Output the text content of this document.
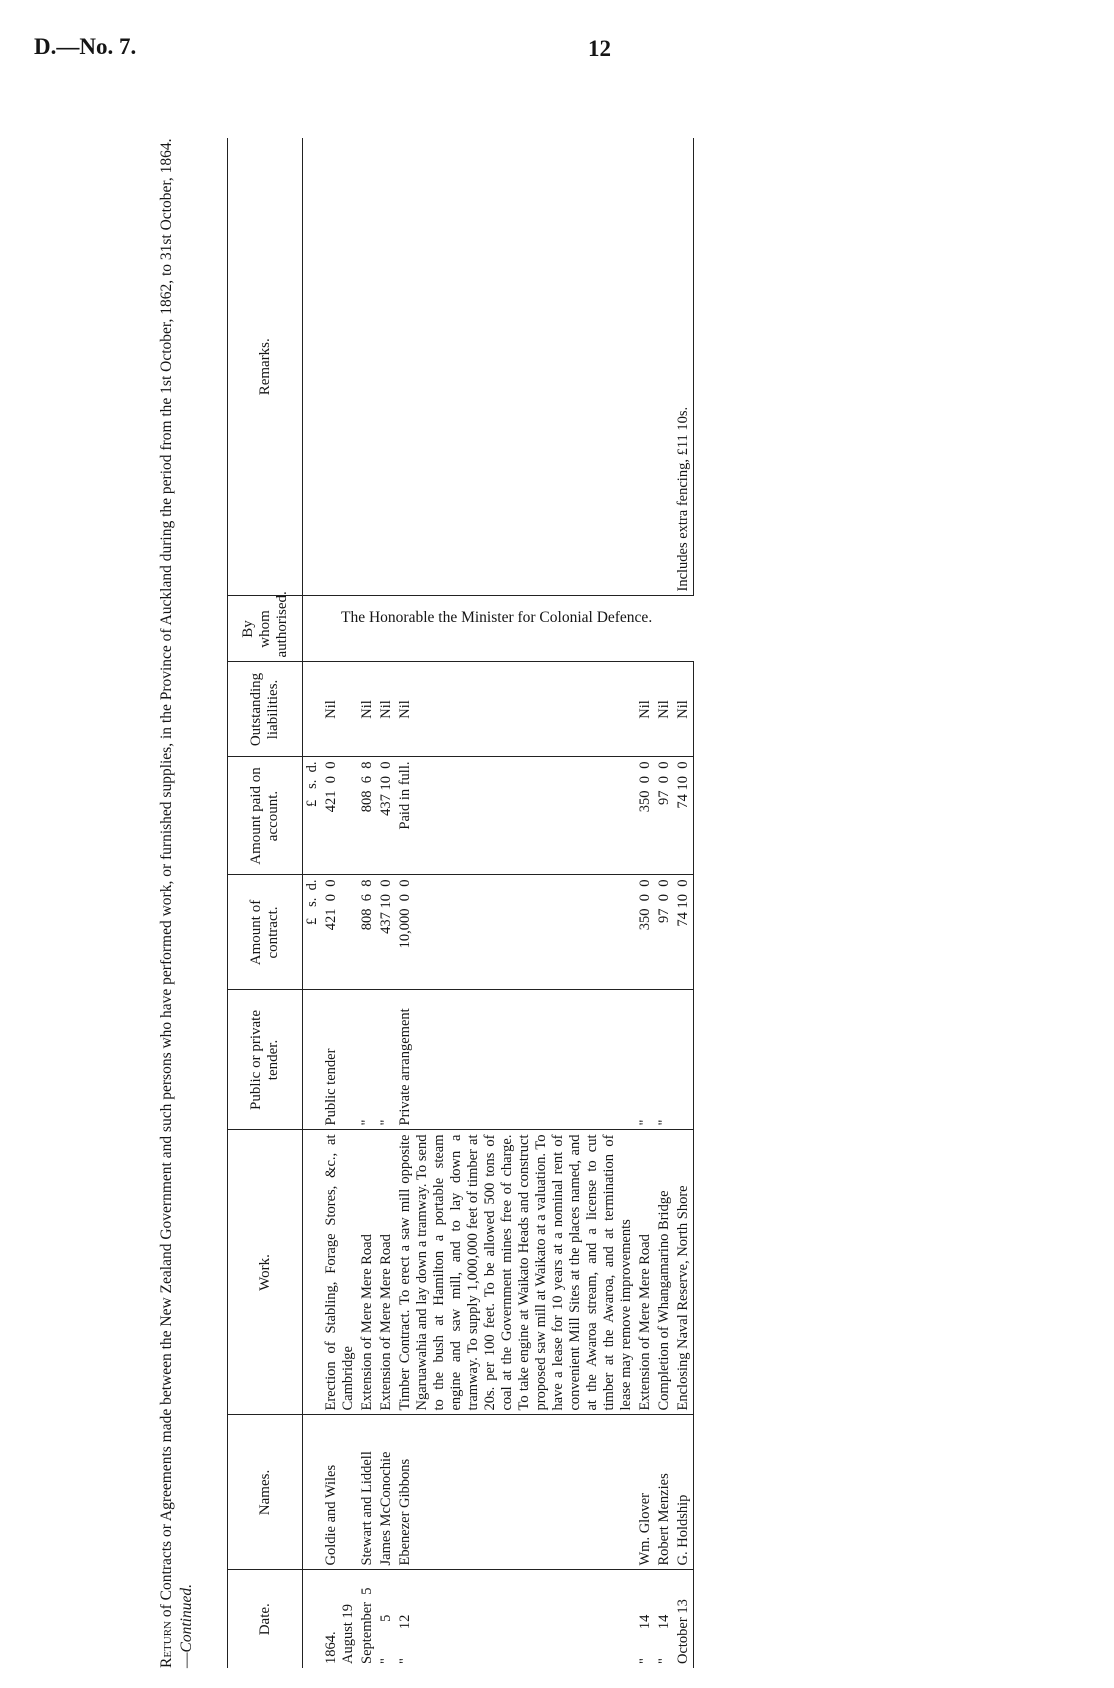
D.—No. 7.	12
Return of Contracts or Agreements made between the New Zealand Government and such persons who have performed work, or furnished supplies, in the Province of Auckland during the period from the 1st October, 1862, to 31st October, 1864.—Continued.	Date.	Names.	Work.	Public or private tender.	Amount of contract.	Amount paid on account.	Outstanding liabilities.	By whom authorised.	Remarks.
				£   s.  d.	£   s.  d.		The Honorable the Minister for Colonial Defence.	

1864.
August 19	Goldie and Wiles	Erection of Stabling, Forage Stores, &c., at Cambridge	Public tender	421  0  0	421  0  0	Nil		
September  5	Stewart and Liddell	Extension of Mere Mere Road	"	808  6  8	808  6  8	Nil		
"          5	James McConochie	Extension of Mere Mere Road	"	437 10  0	437 10  0	Nil		
"        12	Ebenezer Gibbons	Timber Contract. To erect a saw mill opposite Ngaruawahia and lay down a tramway. To send to the bush at Hamilton a portable steam engine and saw mill, and to lay down a tramway. To supply 1,000,000 feet of timber at 20s. per 100 feet. To be allowed 500 tons of coal at the Government mines free of charge. To take engine at Waikato Heads and construct proposed saw mill at Waikato at a valuation. To have a lease for 10 years at a nominal rent of convenient Mill Sites at the places named, and at the Awaroa stream, and a license to cut timber at the Awaroa, and at termination of lease may remove improvements	Private arrangement	10,000  0  0	Paid in full.	Nil		
"        14	Wm. Glover	Extension of Mere Mere Road	"	350  0  0	350  0  0	Nil		
"        14	Robert Menzies	Completion of Whangamarino Bridge	"	97  0  0	97  0  0	Nil		
October 13	G. Holdship	Enclosing Naval Reserve, North Shore		74 10  0	74 10  0	Nil		Includes extra fencing, £11 10s.
